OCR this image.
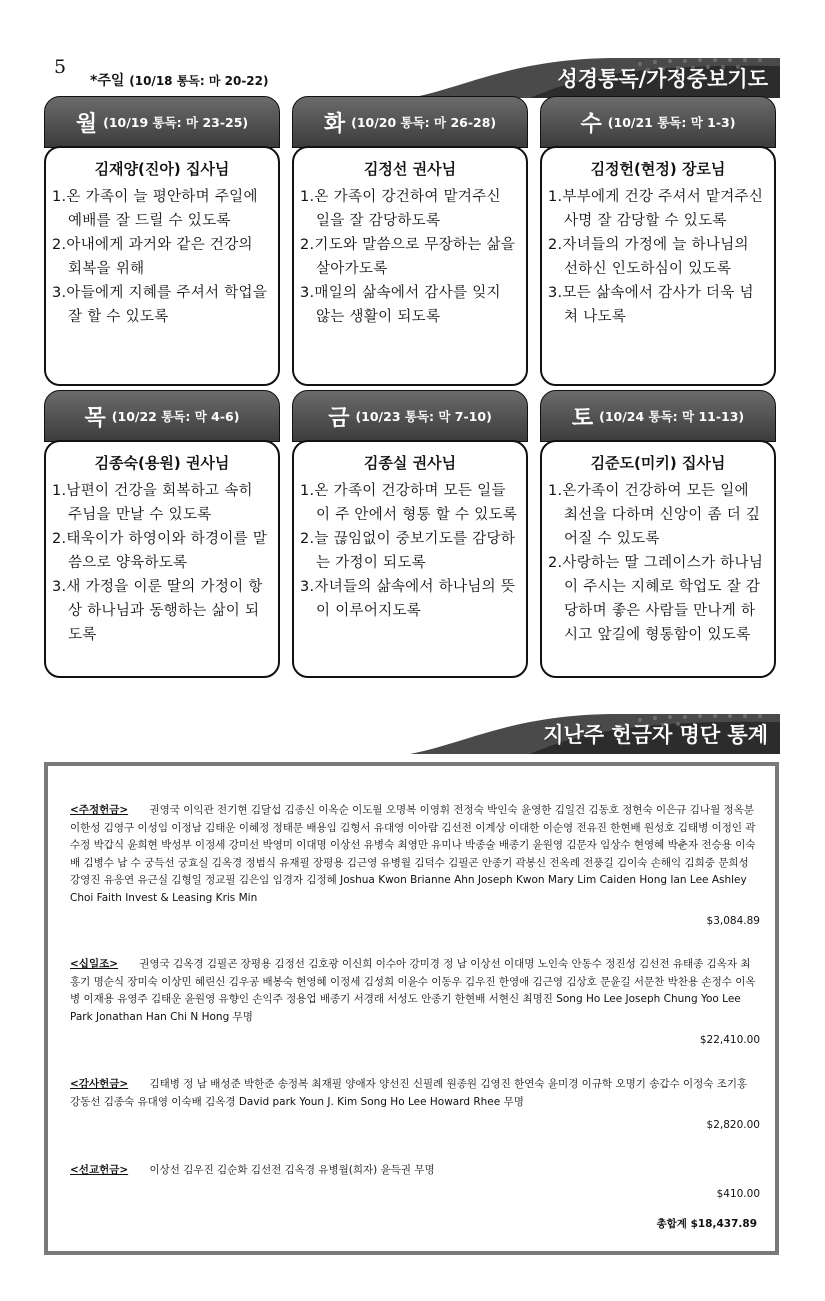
5
*주일 (10/18 통독: 마 20-22)	성경통독/가정중보기도
월 (10/19 통독: 마 23-25)
김재양(진아) 집사님
1.온 가족이 늘 평안하며 주일에 예배를 잘 드릴 수 있도록
2.아내에게 과거와 같은 건강의 회복을 위해
3.아들에게 지혜를 주셔서 학업을 잘 할 수 있도록
화 (10/20 통독: 마 26-28)
김정선 권사님
1.온 가족이 강건하여 맡겨주신 일을 잘 감당하도록
2.기도와 말씀으로 무장하는 삶을 살아가도록
3.매일의 삶속에서 감사를 잊지 않는 생활이 되도록
수 (10/21 통독: 막 1-3)
김정헌(현정) 장로님
1.부부에게 건강 주셔서 맡겨주신 사명 잘 감당할 수 있도록
2.자녀들의 가정에 늘 하나님의 선하신 인도하심이 있도록
3.모든 삶속에서 감사가 더욱 넘쳐 나도록
목 (10/22 통독: 막 4-6)
김종숙(용원) 권사님
1.남편이 건강을 회복하고 속히 주님을 만날 수 있도록
2.태욱이가 하영이와 하경이를 말씀으로 양육하도록
3.새 가정을 이룬 딸의 가정이 항상 하나님과 동행하는 삶이 되도록
금 (10/23 통독: 막 7-10)
김종실 권사님
1.온 가족이 건강하며 모든 일들이 주 안에서 형통 할 수 있도록
2.늘 끊임없이 중보기도를 감당하는 가정이 되도록
3.자녀들의 삶속에서 하나님의 뜻이 이루어지도록
토 (10/24 통독: 막 11-13)
김준도(미키) 집사님
1.온가족이 건강하여 모든 일에 최선을 다하며 신앙이 좀 더 깊어질 수 있도록
2.사랑하는 딸 그레이스가 하나님이 주시는 지혜로 학업도 잘 감당하며 좋은 사람들 만나게 하시고 앞길에 형통함이 있도록
지난주 헌금자 명단 통계
<주정헌금> 권영국 이익관 전기현 김달섭 김종신 이옥순 이도월 오명복 이영휘 전정숙 박인숙 윤영한 김일건 김동호 정현숙 이은규 김나월 정옥분 이한성 김영구 이성임 이정남 김태운 이혜정 정태문 배용임 김형서 유대영 이아람 김선전 이계상 이대한 이순영 전유진 한현배 원성호 김태병 이정인 곽수정 박갑식 윤희현 박성부 이정세 강미선 박영미 이대명 이상선 유병숙 최영만 유미나 박종술 배종기 윤원영 김문자 임상수 현영혜 박춘자 전승용 이숙배 김병수 남 수 궁득선 궁효실 김옥경 정범식 유재필 장평용 김근영 유병월 김덕수 김필곤 안종기 곽봉신 전옥례 전풍길 김이숙 손해익 김희중 문희성 강영진 유응연 유근실 김형일 정교필 김은임 임경자 김정혜 Joshua Kwon Brianne Ahn Joseph Kwon Mary Lim Caiden Hong Ian Lee Ashley Choi Faith Invest & Leasing Kris Min
$3,084.89
<십일조> 권영국 김옥경 김필곤 장평용 김정선 김호광 이신희 이수아 강미경 정 남 이상선 이대명 노인숙 안동수 정진성 김선전 유태종 김옥자 최홍기 명순식 장미숙 이상민 혜린신 김우공 배봉숙 현영혜 이정세 김성희 이윤수 이동우 김우진 한영애 김근영 김상호 문윤길 서문찬 박찬용 손정수 이옥병 이재용 유영주 김태운 윤원영 유향인 손익주 정용업 배종기 서경래 서성도 안종기 한현배 서현신 최명진 Song Ho Lee Joseph Chung Yoo Lee Park Jonathan Han Chi N Hong 무명
$22,410.00
<감사헌금> 김태병 정 남 배성준 박한준 송정복 최재필 양애자 양선진 신필례 원종원 김영진 한연숙 윤미경 이규학 오명기 송갑수 이정숙 조기홍 강동선 김종숙 유대영 이숙배 김옥경 David park Youn J. Kim Song Ho Lee Howard Rhee 무명
$2,820.00
<선교헌금> 이상선 김우진 김순화 김선전 김옥경 유병월(희자) 윤득권 무명
$410.00
총합계 $18,437.89
